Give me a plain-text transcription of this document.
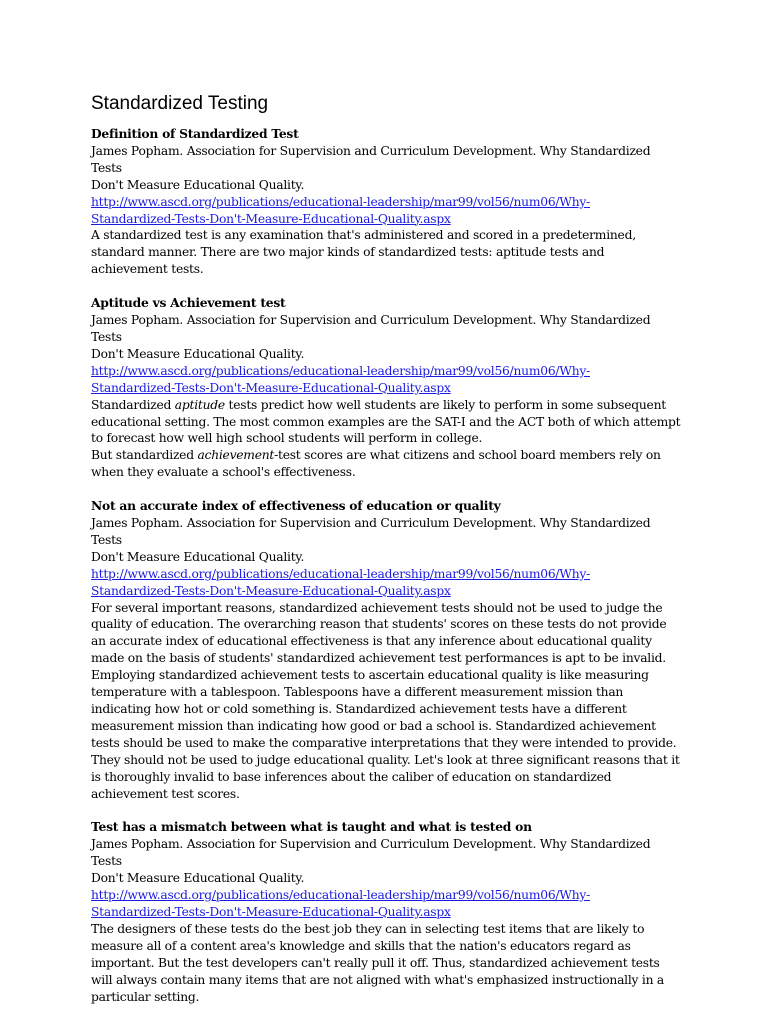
Standardized Testing
Definition of Standardized Test
James Popham. Association for Supervision and Curriculum Development. Why Standardized Tests
Don't Measure Educational Quality.
http://www.ascd.org/publications/educational-leadership/mar99/vol56/num06/Why-
Standardized-Tests-Don't-Measure-Educational-Quality.aspx
A standardized test is any examination that's administered and scored in a predetermined, standard manner. There are two major kinds of standardized tests: aptitude tests and achievement tests.
Aptitude vs Achievement test
James Popham. Association for Supervision and Curriculum Development. Why Standardized Tests
Don't Measure Educational Quality.
http://www.ascd.org/publications/educational-leadership/mar99/vol56/num06/Why-
Standardized-Tests-Don't-Measure-Educational-Quality.aspx
Standardized aptitude tests predict how well students are likely to perform in some subsequent educational setting. The most common examples are the SAT-I and the ACT both of which attempt to forecast how well high school students will perform in college.
But standardized achievement-test scores are what citizens and school board members rely on when they evaluate a school's effectiveness.
Not an accurate index of effectiveness of education or quality
James Popham. Association for Supervision and Curriculum Development. Why Standardized Tests
Don't Measure Educational Quality.
http://www.ascd.org/publications/educational-leadership/mar99/vol56/num06/Why-
Standardized-Tests-Don't-Measure-Educational-Quality.aspx
For several important reasons, standardized achievement tests should not be used to judge the quality of education. The overarching reason that students' scores on these tests do not provide an accurate index of educational effectiveness is that any inference about educational quality made on the basis of students' standardized achievement test performances is apt to be invalid.
Employing standardized achievement tests to ascertain educational quality is like measuring temperature with a tablespoon. Tablespoons have a different measurement mission than indicating how hot or cold something is. Standardized achievement tests have a different measurement mission than indicating how good or bad a school is. Standardized achievement tests should be used to make the comparative interpretations that they were intended to provide. They should not be used to judge educational quality. Let's look at three significant reasons that it is thoroughly invalid to base inferences about the caliber of education on standardized achievement test scores.
Test has a mismatch between what is taught and what is tested on
James Popham. Association for Supervision and Curriculum Development. Why Standardized Tests
Don't Measure Educational Quality.
http://www.ascd.org/publications/educational-leadership/mar99/vol56/num06/Why-
Standardized-Tests-Don't-Measure-Educational-Quality.aspx
The designers of these tests do the best job they can in selecting test items that are likely to measure all of a content area's knowledge and skills that the nation's educators regard as important. But the test developers can't really pull it off. Thus, standardized achievement tests will always contain many items that are not aligned with what's emphasized instructionally in a particular setting.
